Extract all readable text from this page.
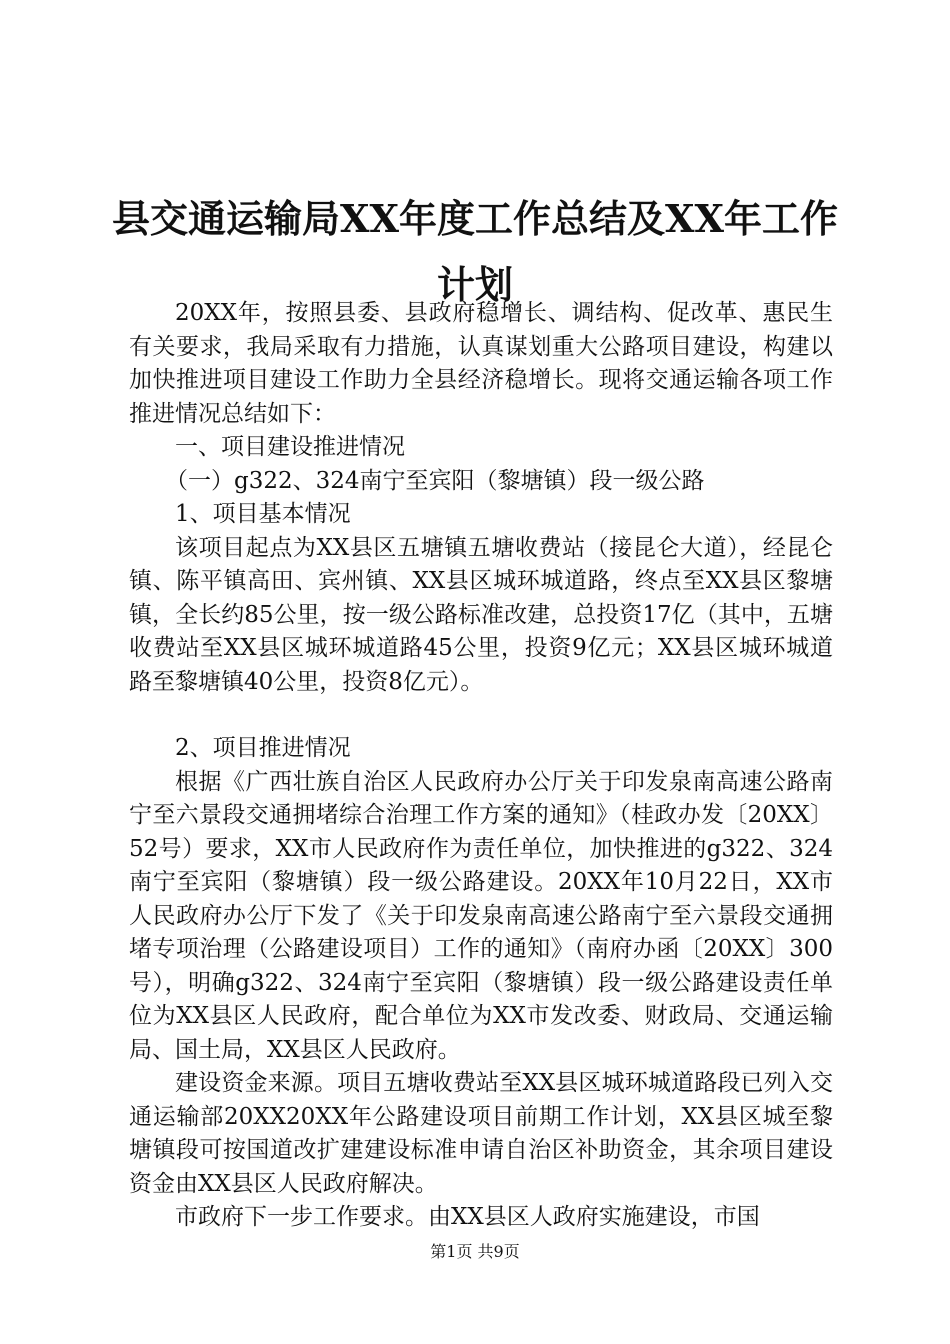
县交通运输局XX年度工作总结及XX年工作计划

20XX年，按照县委、县政府稳增长、调结构、促改革、惠民生有关要求，我局采取有力措施，认真谋划重大公路项目建设，构建以加快推进项目建设工作助力全县经济稳增长。现将交通运输各项工作推进情况总结如下：

一、项目建设推进情况

（一）g322、324南宁至宾阳（黎塘镇）段一级公路

1、项目基本情况

该项目起点为XX县区五塘镇五塘收费站（接昆仑大道），经昆仑镇、陈平镇高田、宾州镇、XX县区城环城道路，终点至XX县区黎塘镇，全长约85公里，按一级公路标准改建，总投资17亿（其中，五塘收费站至XX县区城环城道路45公里，投资9亿元；XX县区城环城道路至黎塘镇40公里，投资8亿元）。

2、项目推进情况

根据《广西壮族自治区人民政府办公厅关于印发泉南高速公路南宁至六景段交通拥堵综合治理工作方案的通知》（桂政办发〔20XX〕52号）要求，XX市人民政府作为责任单位，加快推进的g322、324南宁至宾阳（黎塘镇）段一级公路建设。20XX年10月22日，XX市人民政府办公厅下发了《关于印发泉南高速公路南宁至六景段交通拥堵专项治理（公路建设项目）工作的通知》（南府办函〔20XX〕300号），明确g322、324南宁至宾阳（黎塘镇）段一级公路建设责任单位为XX县区人民政府，配合单位为XX市发改委、财政局、交通运输局、国土局，XX县区人民政府。

建设资金来源。项目五塘收费站至XX县区城环城道路段已列入交通运输部20XX20XX年公路建设项目前期工作计划，XX县区城至黎塘镇段可按国道改扩建建设标准申请自治区补助资金，其余项目建设资金由XX县区人民政府解决。

市政府下一步工作要求。由XX县区人政府实施建设，市国

第1页 共9页
